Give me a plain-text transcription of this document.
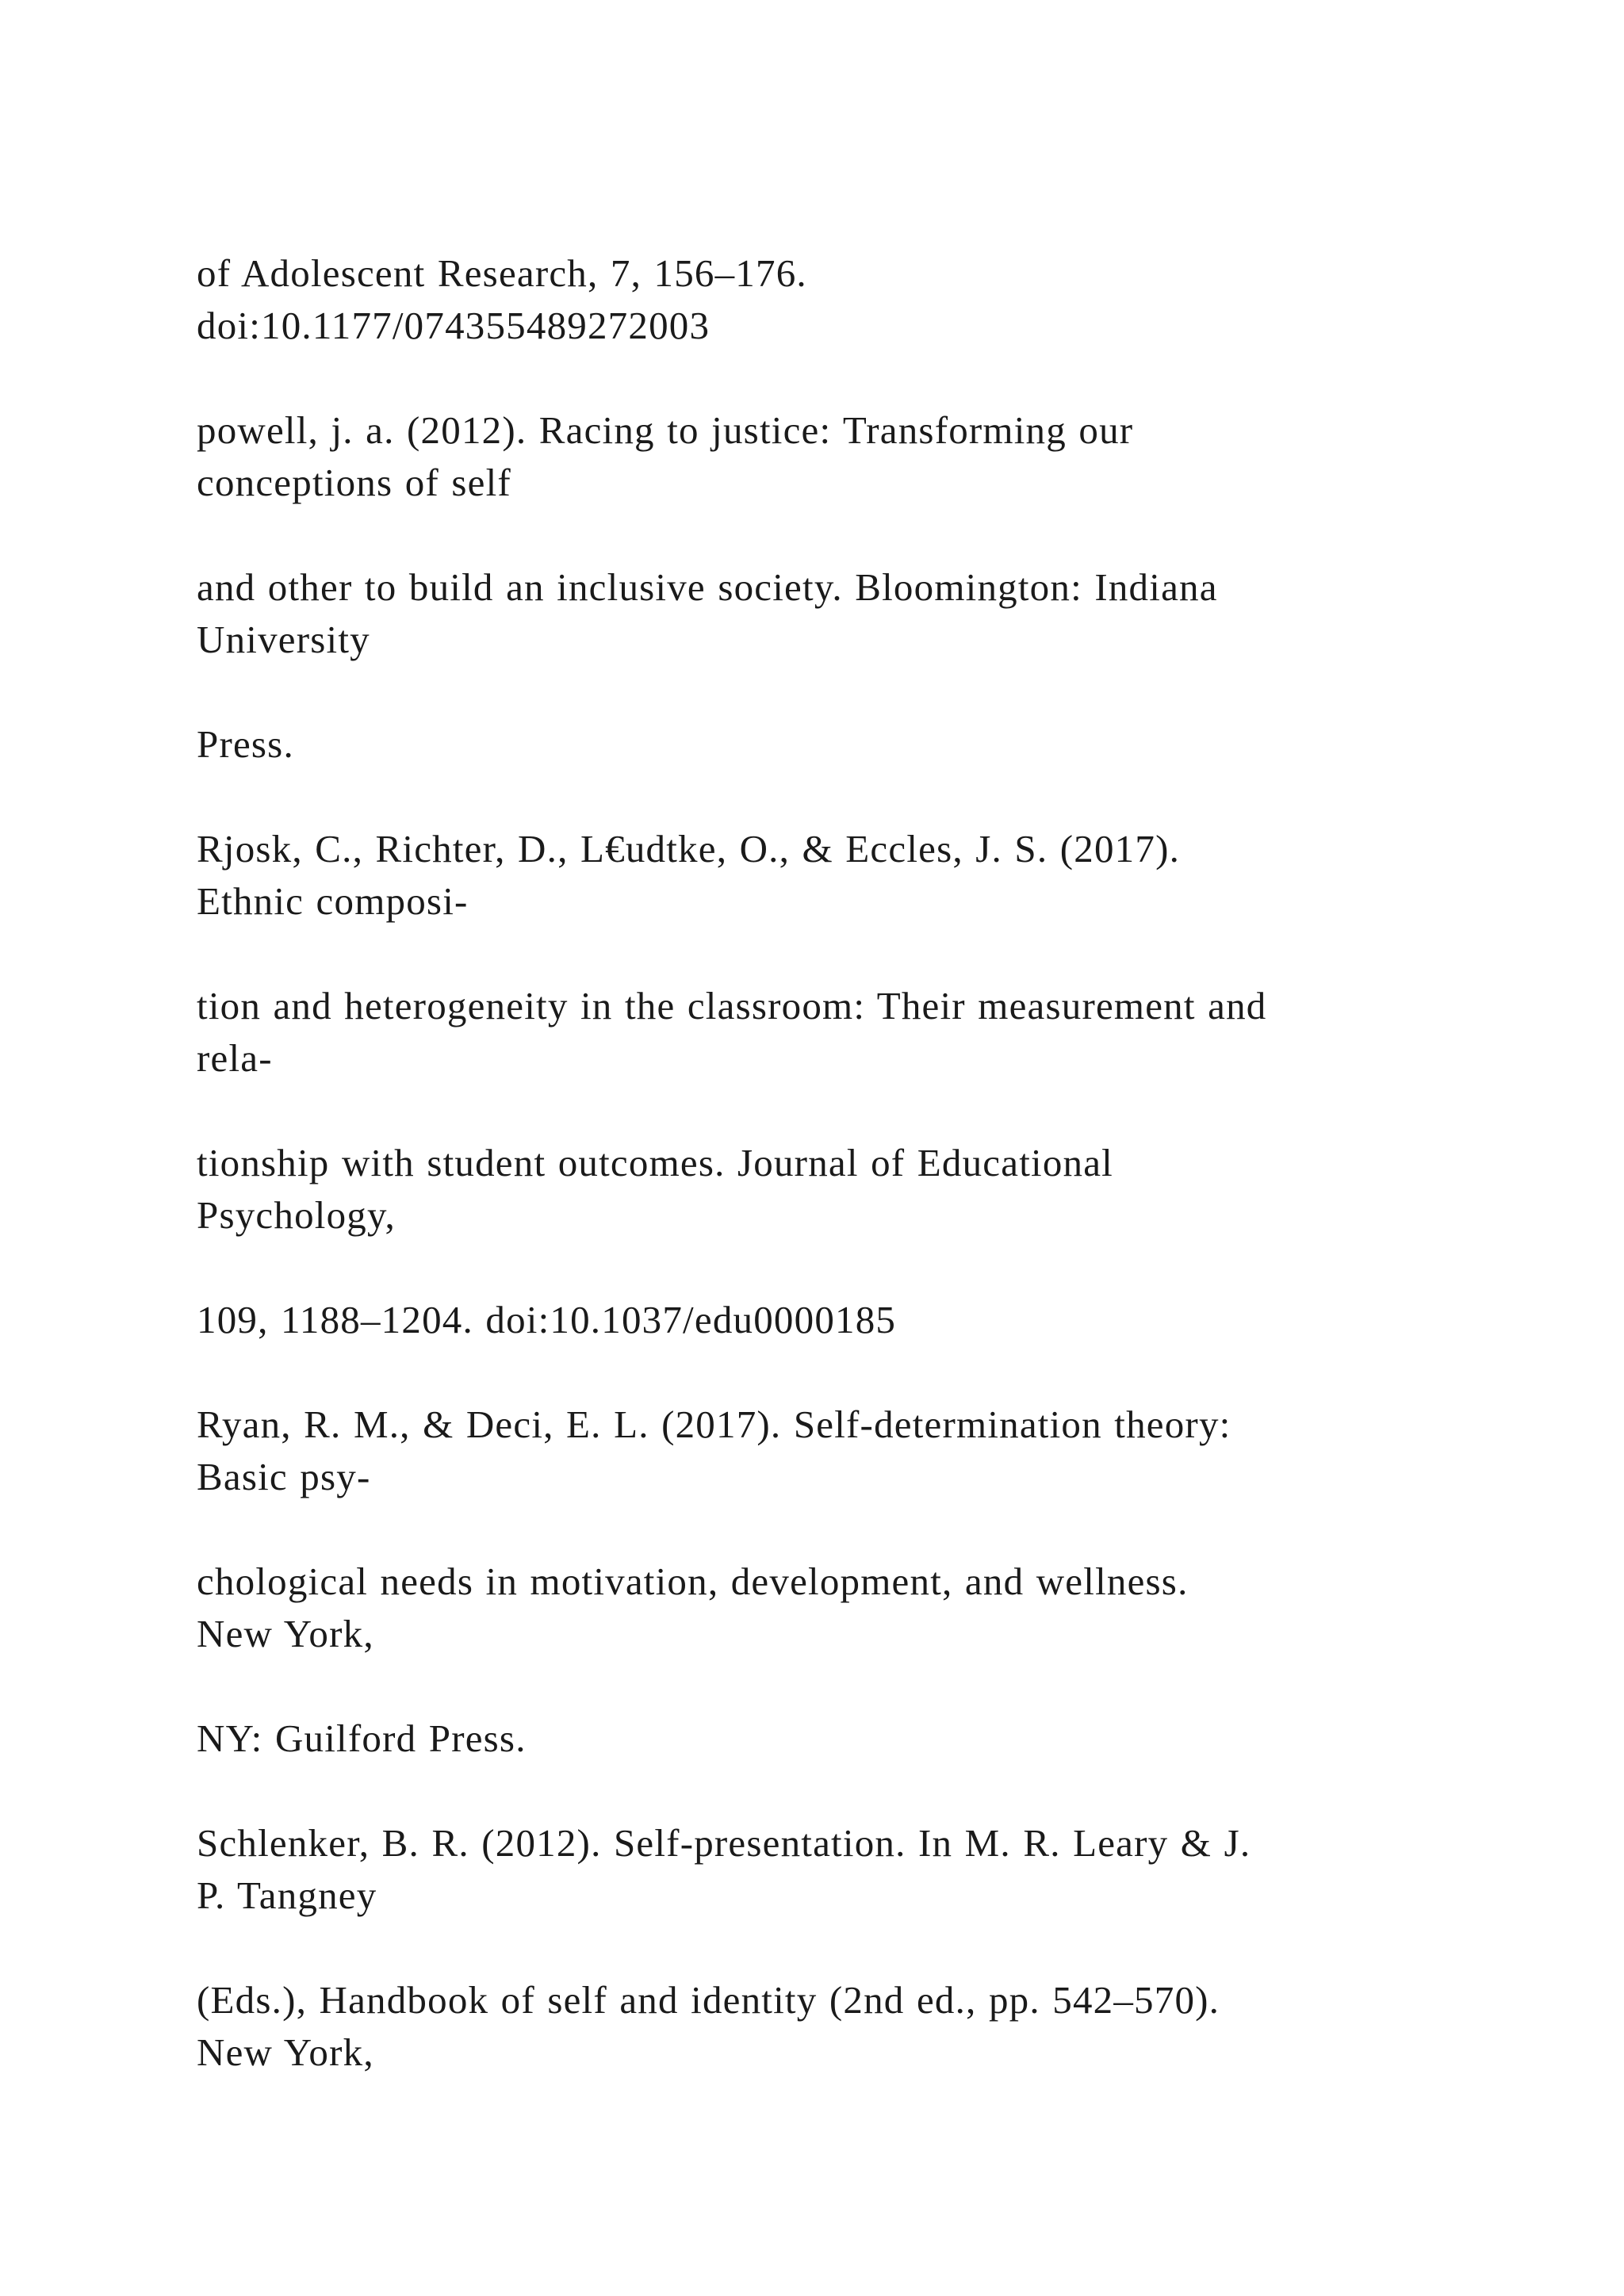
of Adolescent Research, 7, 156–176.
doi:10.1177/074355489272003
powell, j. a. (2012). Racing to justice: Transforming our
conceptions of self
and other to build an inclusive society. Bloomington: Indiana
University
Press.
Rjosk, C., Richter, D., L€udtke, O., & Eccles, J. S. (2017).
Ethnic composi-
tion and heterogeneity in the classroom: Their measurement and
rela-
tionship with student outcomes. Journal of Educational
Psychology,
109, 1188–1204. doi:10.1037/edu0000185
Ryan, R. M., & Deci, E. L. (2017). Self-determination theory:
Basic psy-
chological needs in motivation, development, and wellness.
New York,
NY: Guilford Press.
Schlenker, B. R. (2012). Self-presentation. In M. R. Leary & J.
P. Tangney
(Eds.), Handbook of self and identity (2nd ed., pp. 542–570).
New York,
